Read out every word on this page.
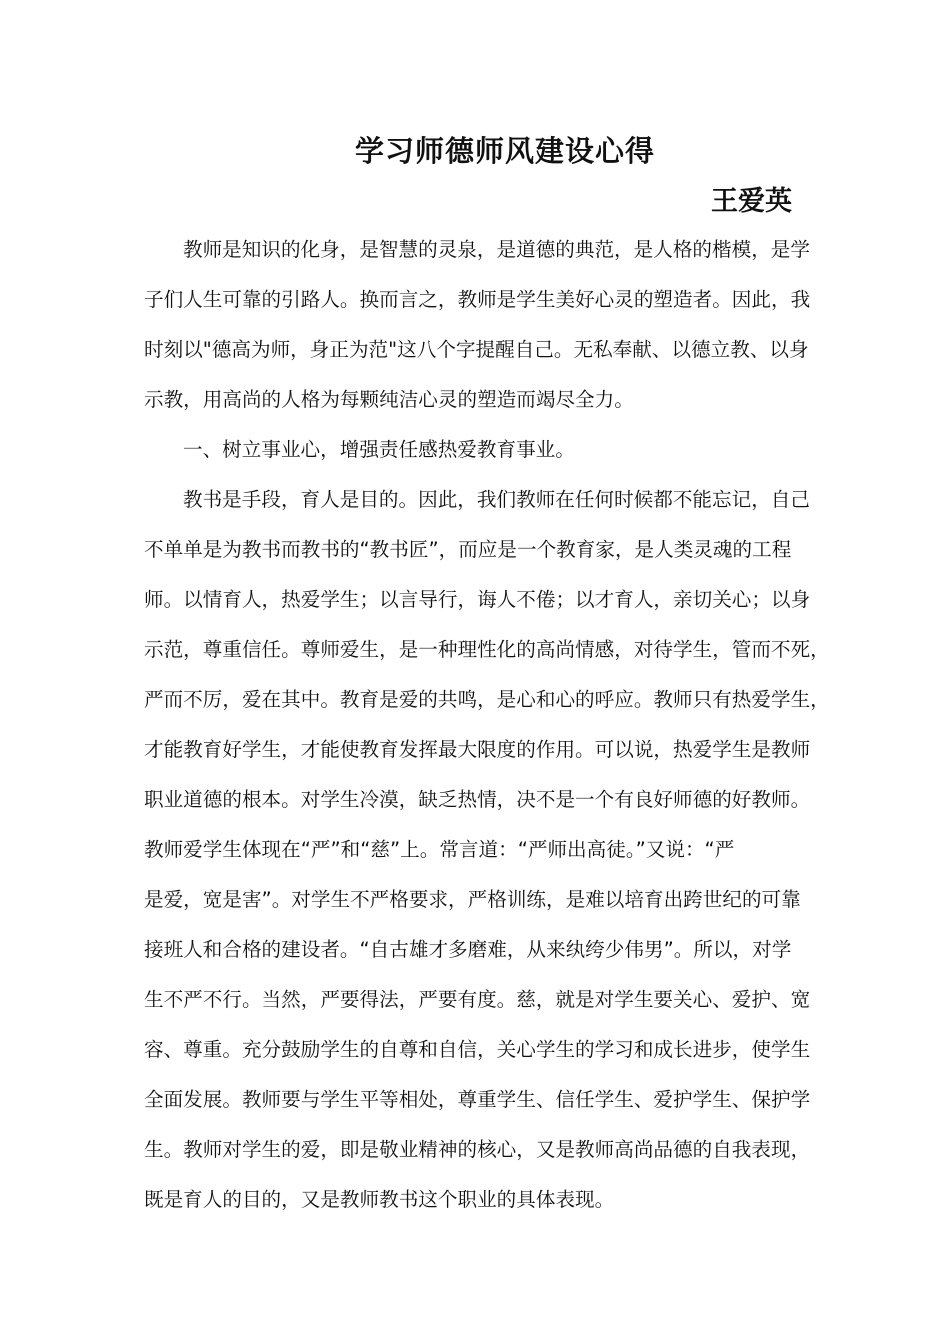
学习师德师风建设心得
王爱英
教师是知识的化身，是智慧的灵泉，是道德的典范，是人格的楷模，是学
子们人生可靠的引路人。换而言之，教师是学生美好心灵的塑造者。因此，我
时刻以"德高为师，身正为范"这八个字提醒自己。无私奉献、以德立教、以身
示教，用高尚的人格为每颗纯洁心灵的塑造而竭尽全力。
一、树立事业心，增强责任感热爱教育事业。
教书是手段，育人是目的。因此，我们教师在任何时候都不能忘记，自己
不单单是为教书而教书的“教书匠”，而应是一个教育家，是人类灵魂的工程
师。以情育人，热爱学生；以言导行，诲人不倦；以才育人，亲切关心；以身
示范，尊重信任。尊师爱生，是一种理性化的高尚情感，对待学生，管而不死，
严而不厉，爱在其中。教育是爱的共鸣，是心和心的呼应。教师只有热爱学生，
才能教育好学生，才能使教育发挥最大限度的作用。可以说，热爱学生是教师
职业道德的根本。对学生冷漠，缺乏热情，决不是一个有良好师德的好教师。
教师爱学生体现在“严”和“慈”上。常言道：“严师出高徒。”又说：“严
是爱，宽是害”。对学生不严格要求，严格训练，是难以培育出跨世纪的可靠
接班人和合格的建设者。“自古雄才多磨难，从来纨绔少伟男”。所以，对学
生不严不行。当然，严要得法，严要有度。慈，就是对学生要关心、爱护、宽
容、尊重。充分鼓励学生的自尊和自信，关心学生的学习和成长进步，使学生
全面发展。教师要与学生平等相处，尊重学生、信任学生、爱护学生、保护学
生。教师对学生的爱，即是敬业精神的核心，又是教师高尚品德的自我表现，
既是育人的目的，又是教师教书这个职业的具体表现。
